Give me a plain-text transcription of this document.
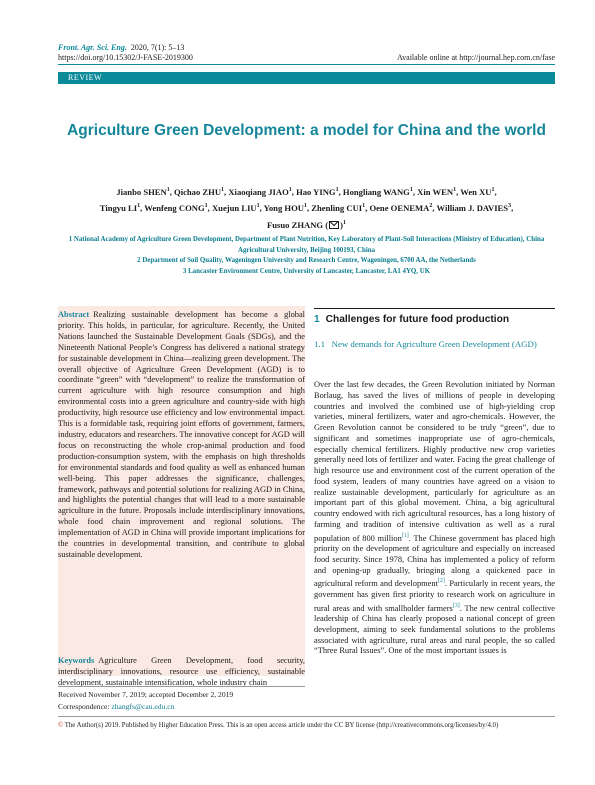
Front. Agr. Sci. Eng. 2020, 7(1): 5–13
https://doi.org/10.15302/J-FASE-2019300	Available online at http://journal.hep.com.cn/fase
REVIEW
Agriculture Green Development: a model for China and the world
Jianbo SHEN$^1$, Qichao ZHU$^1$, Xiaoqiang JIAO$^1$, Hao YING$^1$, Hongliang WANG$^1$, Xin WEN$^1$, Wen $XU^1$,
Tingyu $LI^1$, Wenfeng CONG$^1$, Xuejun LIU$^1$, Yong HOU$^1$, Zhenling CUI$^1$, Oene OENEMA$^2$, William J. DAVIES$^3$,
Fusuo ZHANG ( )$^1$
1 National Academy of Agriculture Green Development, Department of Plant Nutrition, Key Laboratory of Plant-Soil Interactions (Ministry of Education), China Agricultural University, Beijing 100193, China
2 Department of Soil Quality, Wageningen University and Research Centre, Wageningen, 6700 AA, the Netherlands
3 Lancaster Environment Centre, University of Lancaster, Lancaster, LA1 4YQ, UK
Abstract Realizing sustainable development has become a global priority. This holds, in particular, for agriculture. Recently, the United Nations launched the Sustainable Development Goals (SDGs), and the Nineteenth National People’s Congress has delivered a national strategy for sustainable development in China—realizing green development. The overall objective of Agriculture Green Development (AGD) is to coordinate “green” with “development” to realize the transformation of current agriculture with high resource consumption and high environmental costs into a green agriculture and country-side with high productivity, high resource use efficiency and low environmental impact. This is a formidable task, requiring joint efforts of government, farmers, industry, educators and researchers. The innovative concept for AGD will focus on reconstructing the whole crop-animal production and food production-consumption system, with the emphasis on high thresholds for environmental standards and food quality as well as enhanced human well-being. This paper addresses the significance, challenges, framework, pathways and potential solutions for realizing AGD in China, and highlights the potential changes that will lead to a more sustainable agriculture in the future. Proposals include interdisciplinary innovations, whole food chain improvement and regional solutions. The implementation of AGD in China will provide important implications for the countries in developmental transition, and contribute to global sustainable development.
Keywords Agriculture Green Development, food security, interdisciplinary innovations, resource use efficiency, sustainable development, sustainable intensification, whole industry chain
Received November 7, 2019; accepted December 2, 2019
Correspondence: zhangfs@cau.edu.cn
© The Author(s) 2019. Published by Higher Education Press. This is an open access article under the CC BY license (http://creativecommons.org/licenses/by/4.0)
1 Challenges for future food production
1.1 New demands for Agriculture Green Development (AGD)
Over the last few decades, the Green Revolution initiated by Norman Borlaug, has saved the lives of millions of people in developing countries and involved the combined use of high-yielding crop varieties, mineral fertilizers, water and agro-chemicals. However, the Green Revolution cannot be considered to be truly “green”, due to significant and sometimes inappropriate use of agro-chemicals, especially chemical fertilizers. Highly productive new crop varieties generally need lots of fertilizer and water. Facing the great challenge of high resource use and environment cost of the current operation of the food system, leaders of many countries have agreed on a vision to realize sustainable development, particularly for agriculture as an important part of this global movement. China, a big agricultural country endowed with rich agricultural resources, has a long history of farming and tradition of intensive cultivation as well as a rural population of 800 million[1]. The Chinese government has placed high priority on the development of agriculture and especially on increased food security. Since 1978, China has implemented a policy of reform and opening-up gradually, bringing along a quickened pace in agricultural reform and development[2]. Particularly in recent years, the government has given first priority to research work on agriculture in rural areas and with smallholder farmers[3]. The new central collective leadership of China has clearly proposed a national concept of green development, aiming to seek fundamental solutions to the problems associated with agriculture, rural areas and rural people, the so called “Three Rural Issues”. One of the most important issues is
